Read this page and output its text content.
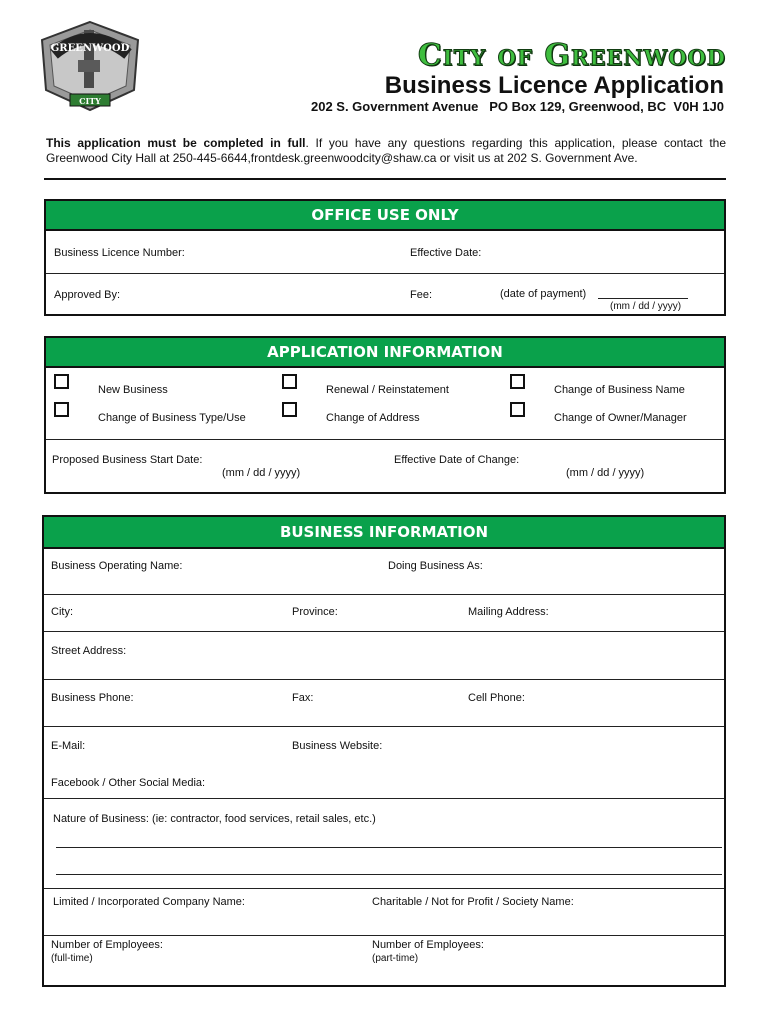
GREENWOOD
CITY
City of Greenwood
Business Licence Application
202 S. Government Avenue   PO Box 129, Greenwood, BC  V0H 1J0
This application must be completed in full. If you have any questions regarding this application, please contact the Greenwood City Hall at 250-445-6644,frontdesk.greenwoodcity@shaw.ca or visit us at 202 S. Government Ave.
OFFICE USE ONLY
Business Licence Number:	Effective Date:
Approved By:	Fee:	(date of payment)
(mm / dd / yyyy)
APPLICATION INFORMATION
New Business	Renewal / Reinstatement	Change of Business Name
Change of Business Type/Use	Change of Address	Change of Owner/Manager
Proposed Business Start Date:
(mm / dd / yyyy)
Effective Date of Change:
(mm / dd / yyyy)
BUSINESS INFORMATION
Business Operating Name:	Doing Business As:
City:	Province:	Mailing Address:
Street Address:
Business Phone:	Fax:	Cell Phone:
E-Mail:	Business Website:
Facebook / Other Social Media:
Nature of Business: (ie: contractor, food services, retail sales, etc.)
Limited / Incorporated Company Name:	Charitable / Not for Profit / Society Name:
Number of Employees:
(full-time)
Number of Employees:
(part-time)
